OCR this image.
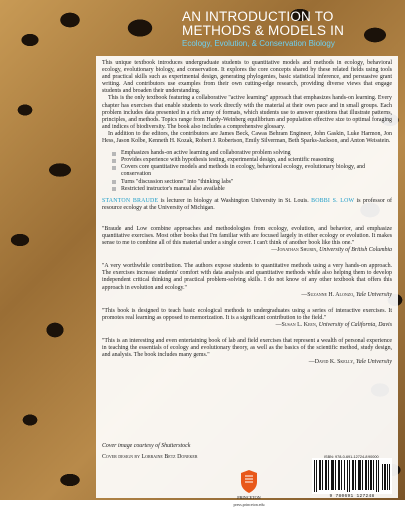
AN INTRODUCTION TO
METHODS & MODELS IN
Ecology, Evolution, & Conservation Biology

This unique textbook introduces undergraduate students to quantitative models and methods in ecology, behavioral ecology, evolutionary biology, and conservation. It explores the core concepts shared by these related fields using tools and practical skills such as experimental design, generating phylogenies, basic statistical inference, and persuasive grant writing. And contributors use examples from their own cutting-edge research, providing diverse views that engage students and broaden their understanding.

This is the only textbook featuring a collaborative "active learning" approach that emphasizes hands-on learning. Every chapter has exercises that enable students to work directly with the material at their own pace and in small groups. Each problem includes data presented in a rich array of formats, which students use to answer questions that illustrate patterns, principles, and methods. Topics range from Hardy-Weinberg equilibrium and population effective size to optimal foraging and indices of biodiversity. The book also includes a comprehensive glossary.

In addition to the editors, the contributors are James Beck, Cawas Behram Engineer, John Gaskin, Luke Harmon, Jon Hess, Jason Kolbe, Kenneth H. Kozak, Robert J. Robertson, Emily Silverman, Beth Sparks-Jackson, and Anton Weisstein.

Emphasizes hands-on active learning and collaborative problem solving
Provides experience with hypothesis testing, experimental design, and scientific reasoning
Covers core quantitative models and methods in ecology, behavioral ecology, evolutionary biology, and conservation
Turns "discussion sections" into "thinking labs"
Restricted instructor's manual also available

STANTON BRAUDE is lecturer in biology at Washington University in St. Louis. BOBBI S. LOW is professor of resource ecology at the University of Michigan.

"Braude and Low combine approaches and methodologies from ecology, evolution, and behavior, and emphasize quantitative exercises. Most other books that I'm familiar with are focused largely in either ecology or evolution. It makes sense to me to combine all of this material under a single cover. I can't think of another book like this one."
—Jonathan Shurin, University of British Columbia

"A very worthwhile contribution. The authors expose students to quantitative methods using a very hands-on approach. The exercises increase students' comfort with data analysis and quantitative methods while also helping them to develop independent critical thinking and practical problem-solving skills. I do not know of any other textbook that offers this approach in evolution and ecology."
—Suzanne H. Alonzo, Yale University

"This book is designed to teach basic ecological methods to undergraduates using a series of interactive exercises. It promotes real learning as opposed to memorization. It is a significant contribution to the field."
—Susan L. Keen, University of California, Davis

"This is an interesting and even entertaining book of lab and field exercises that represent a wealth of personal experience in teaching the essentials of ecology and evolutionary theory, as well as the basics of the scientific method, study design, and analysis. The book includes many gems."
—David K. Skelly, Yale University

Cover image courtesy of Shutterstock
Cover design by Lorraine Betz Doneker
PRINCETON
press.princeton.edu
ISBN: 978-0-691-12724-8 90000
9 780691 127248
